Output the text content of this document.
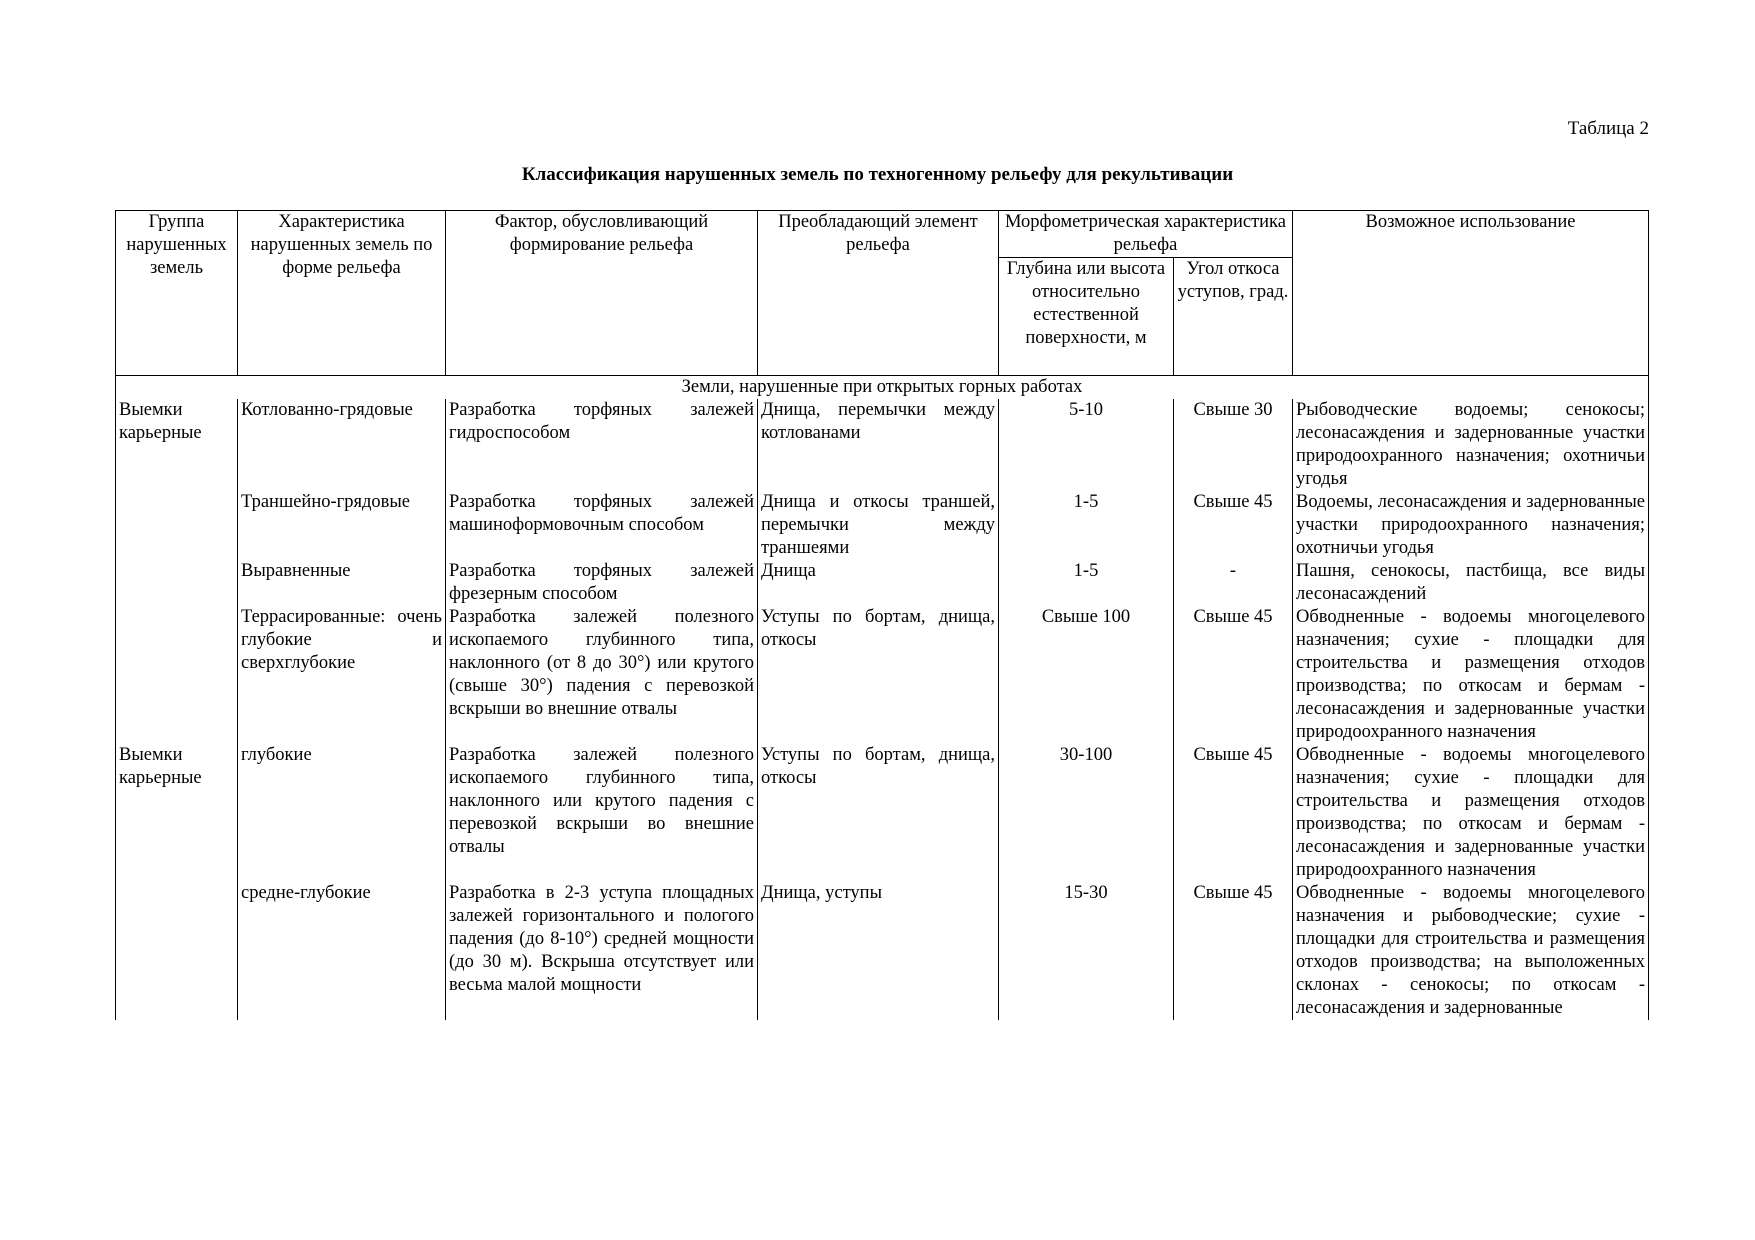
Таблица 2
Классификация нарушенных земель по техногенному рельефу для рекультивации
Группа нарушенных земель	Характеристика нарушенных земель по форме рельефа	Фактор, обусловливающий формирование рельефа	Преобладающий элемент рельефа	Морфометрическая характеристика рельефа		Возможное использование
				Глубина или высота относительно естественной поверхности, м	Угол откоса уступов, град.	
Земли, нарушенные при открытых горных работах						
Выемки карьерные	Котлованно-грядовые	Разработка торфяных залежей гидроспособом	Днища, перемычки между котлованами	5-10	Свыше 30	Рыбоводческие водоемы; сенокосы; лесонасаждения и задернованные участки природоохранного назначения; охотничьи угодья
	Траншейно-грядовые	Разработка торфяных залежей машиноформовочным способом	Днища и откосы траншей, перемычки между траншеями	1-5	Свыше 45	Водоемы, лесонасаждения и задернованные участки природоохранного назначения; охотничьи угодья
	Выравненные	Разработка торфяных залежей фрезерным способом	Днища	1-5	-	Пашня, сенокосы, пастбища, все виды лесонасаждений
	Террасированные: очень глубокие и сверхглубокие	Разработка залежей полезного ископаемого глубинного типа, наклонного (от 8 до 30°) или крутого (свыше 30°) падения с перевозкой вскрыши во внешние отвалы	Уступы по бортам, днища, откосы	Свыше 100	Свыше 45	Обводненные - водоемы многоцелевого назначения; сухие - площадки для строительства и размещения отходов производства; по откосам и бермам - лесонасаждения и задернованные участки природоохранного назначения
Выемки карьерные	глубокие	Разработка залежей полезного ископаемого глубинного типа, наклонного или крутого падения с перевозкой вскрыши во внешние отвалы	Уступы по бортам, днища, откосы	30-100	Свыше 45	Обводненные - водоемы многоцелевого назначения; сухие - площадки для строительства и размещения отходов производства; по откосам и бермам - лесонасаждения и задернованные участки природоохранного назначения
	средне-глубокие	Разработка в 2-3 уступа площадных залежей горизонтального и пологого падения (до 8-10°) средней мощности (до 30 м). Вскрыша отсутствует или весьма малой мощности	Днища, уступы	15-30	Свыше 45	Обводненные - водоемы многоцелевого назначения и рыбоводческие; сухие - площадки для строительства и размещения отходов производства; на выположенных склонах - сенокосы; по откосам - лесонасаждения и задернованные
